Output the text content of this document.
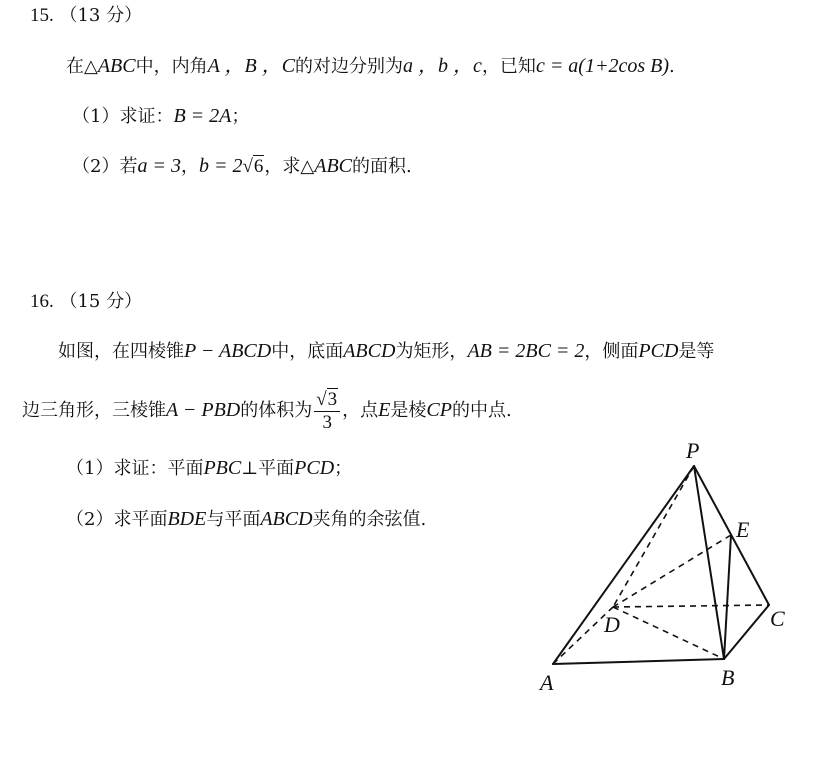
15. （13 分）
在△ABC中，内角A ，B ，C的对边分别为a ，b ，c，已知c = a(1+2cos B).
（1）求证：B = 2A；
（2）若a = 3，b = 2√6，求△ABC的面积.
16. （15 分）
如图，在四棱锥P − ABCD中，底面ABCD为矩形，AB = 2BC = 2，侧面PCD是等
边三角形，三棱锥A − PBD的体积为 $\frac{√3}{3}$ ，点E是棱CP的中点.
（1）求证：平面PBC⊥平面PCD；
（2）求平面BDE与平面ABCD夹角的余弦值.
P
E
C
D
A	B
